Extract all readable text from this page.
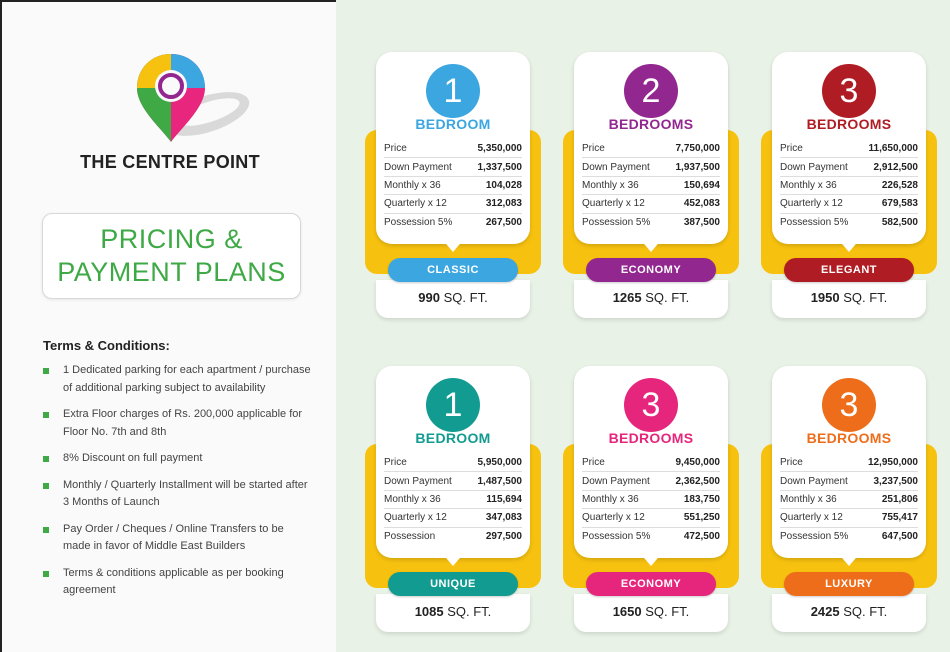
THE CENTRE POINT
PRICING &
PAYMENT PLANS
Terms & Conditions:
1 Dedicated parking for each apartment / purchase of additional parking subject to availability
Extra Floor charges of Rs. 200,000 applicable for Floor No. 7th and 8th
8% Discount on full payment
Monthly / Quarterly Installment will be started after 3 Months of Launch
Pay Order / Cheques / Online Transfers to be made in favor of Middle East Builders
Terms & conditions applicable as per booking agreement
1
BEDROOM
Price	5,350,000
Down Payment	1,337,500
Monthly x 36	104,028
Quarterly x 12	312,083
Possession 5%	267,500
CLASSIC
990 SQ. FT.
2
BEDROOMS
Price	7,750,000
Down Payment	1,937,500
Monthly x 36	150,694
Quarterly x 12	452,083
Possession 5%	387,500
ECONOMY
1265 SQ. FT.
3
BEDROOMS
Price	11,650,000
Down Payment	2,912,500
Monthly x 36	226,528
Quarterly x 12	679,583
Possession 5%	582,500
ELEGANT
1950 SQ. FT.
1
BEDROOM
Price	5,950,000
Down Payment	1,487,500
Monthly x 36	115,694
Quarterly x 12	347,083
Possession	297,500
UNIQUE
1085 SQ. FT.
3
BEDROOMS
Price	9,450,000
Down Payment	2,362,500
Monthly x 36	183,750
Quarterly x 12	551,250
Possession 5%	472,500
ECONOMY
1650 SQ. FT.
3
BEDROOMS
Price	12,950,000
Down Payment	3,237,500
Monthly x 36	251,806
Quarterly x 12	755,417
Possession 5%	647,500
LUXURY
2425 SQ. FT.
